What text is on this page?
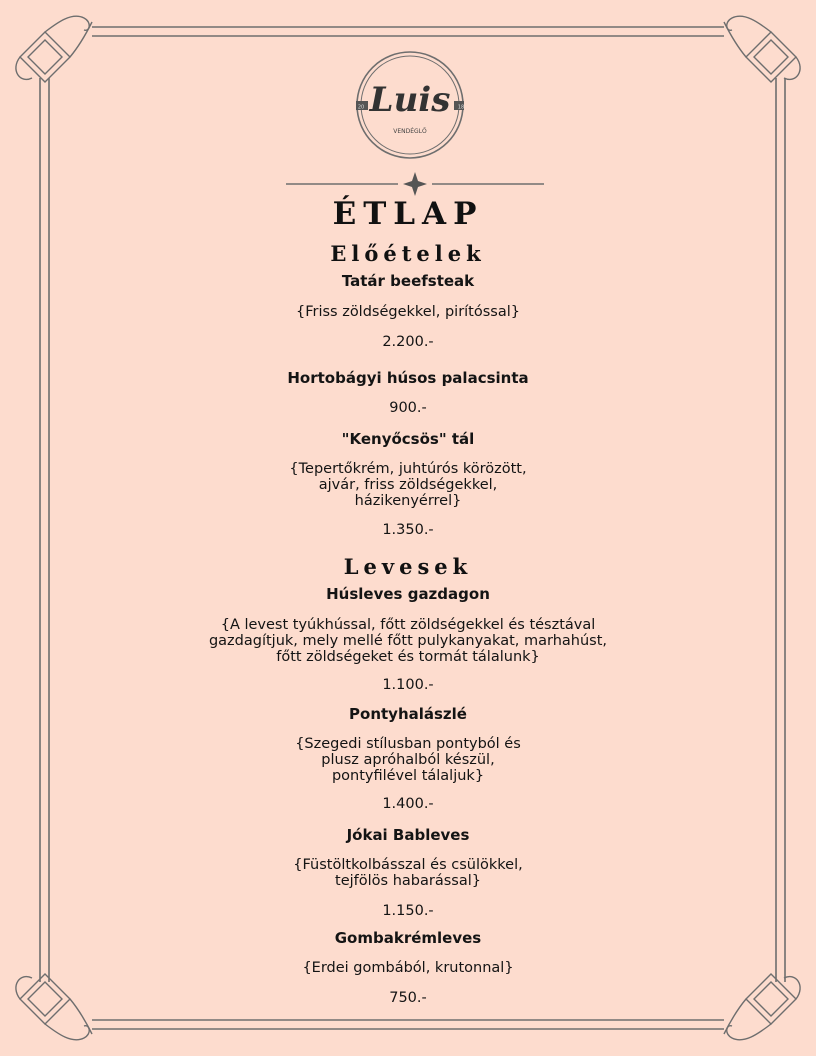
20	18
Luis
VENDÉGLŐ
ÉTLAP
Előételek
Tatár beefsteak
{Friss zöldségekkel, pirítóssal}
2.200.-
Hortobágyi húsos palacsinta
900.-
"Kenyőcsös" tál
{Tepertőkrém, juhtúrós körözött,
ajvár, friss zöldségekkel,
házikenyérrel}
1.350.-
Levesek
Húsleves gazdagon
{A levest tyúkhússal, főtt zöldségekkel és tésztával
gazdagítjuk, mely mellé főtt pulykanyakat, marhahúst,
főtt zöldségeket és tormát tálalunk}
1.100.-
Pontyhalászlé
{Szegedi stílusban pontyból és
plusz apróhalból készül,
pontyfilével tálaljuk}
1.400.-
Jókai Bableves
{Füstöltkolbásszal és csülökkel,
tejfölös habarással}
1.150.-
Gombakrémleves
{Erdei gombából, krutonnal}
750.-
